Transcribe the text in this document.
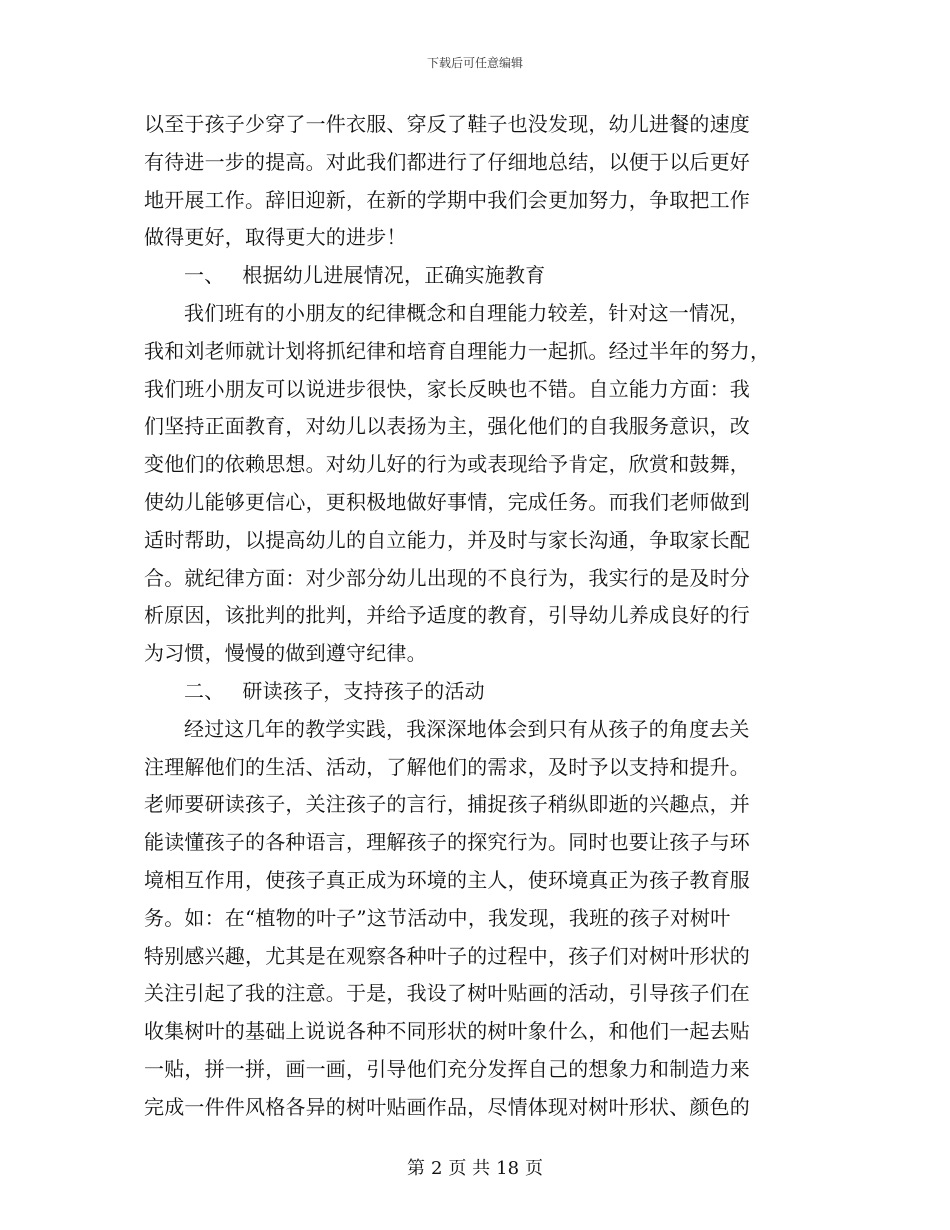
下载后可任意编辑
以至于孩子少穿了一件衣服、穿反了鞋子也没发现，幼儿进餐的速度
有待进一步的提高。对此我们都进行了仔细地总结，以便于以后更好
地开展工作。辞旧迎新，在新的学期中我们会更加努力，争取把工作
做得更好，取得更大的进步！
一、 根据幼儿进展情况，正确实施教育
我们班有的小朋友的纪律概念和自理能力较差，针对这一情况，
我和刘老师就计划将抓纪律和培育自理能力一起抓。经过半年的努力，
我们班小朋友可以说进步很快，家长反映也不错。自立能力方面：我
们坚持正面教育，对幼儿以表扬为主，强化他们的自我服务意识，改
变他们的依赖思想。对幼儿好的行为或表现给予肯定，欣赏和鼓舞，
使幼儿能够更信心，更积极地做好事情，完成任务。而我们老师做到
适时帮助，以提高幼儿的自立能力，并及时与家长沟通，争取家长配
合。就纪律方面：对少部分幼儿出现的不良行为，我实行的是及时分
析原因，该批判的批判，并给予适度的教育，引导幼儿养成良好的行
为习惯，慢慢的做到遵守纪律。
二、 研读孩子，支持孩子的活动
经过这几年的教学实践，我深深地体会到只有从孩子的角度去关
注理解他们的生活、活动，了解他们的需求，及时予以支持和提升。
老师要研读孩子，关注孩子的言行，捕捉孩子稍纵即逝的兴趣点，并
能读懂孩子的各种语言，理解孩子的探究行为。同时也要让孩子与环
境相互作用，使孩子真正成为环境的主人，使环境真正为孩子教育服
务。如：在“植物的叶子”这节活动中，我发现，我班的孩子对树叶
特别感兴趣，尤其是在观察各种叶子的过程中，孩子们对树叶形状的
关注引起了我的注意。于是，我设了树叶贴画的活动，引导孩子们在
收集树叶的基础上说说各种不同形状的树叶象什么，和他们一起去贴
一贴，拼一拼，画一画，引导他们充分发挥自己的想象力和制造力来
完成一件件风格各异的树叶贴画作品，尽情体现对树叶形状、颜色的
第 2 页 共 18 页
